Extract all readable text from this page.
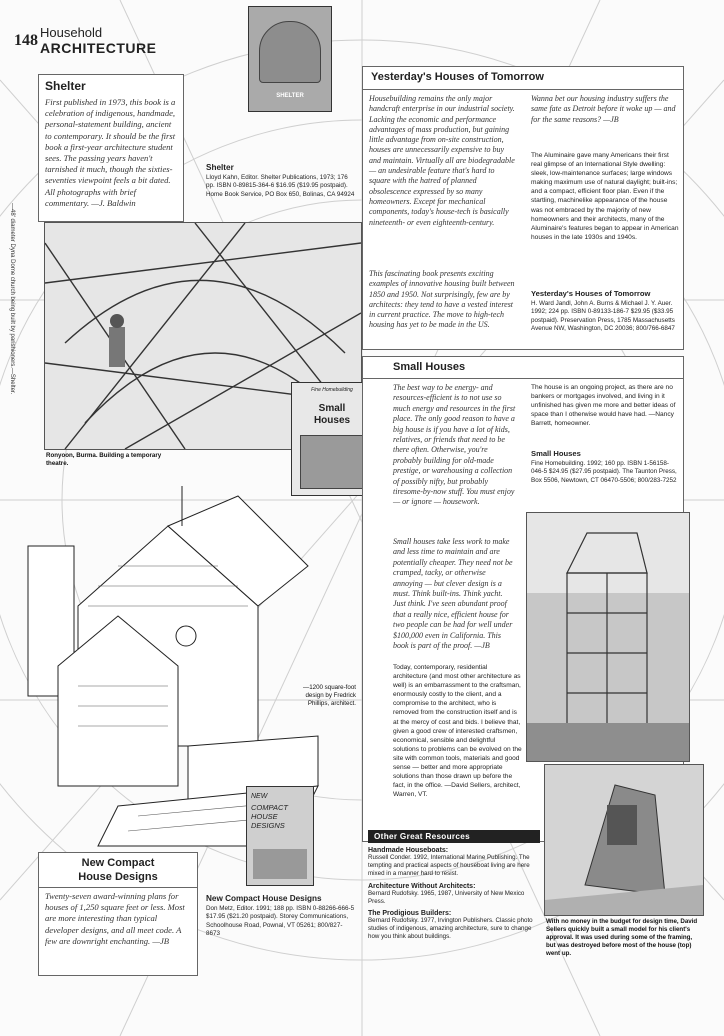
148 Household
ARCHITECTURE
—48' diameter Dyna Dome church being built by parishioners.—Shelter.
Shelter
First published in 1973, this book is a celebration of indigenous, handmade, personal-statement building, ancient to contemporary. It should be the first book a first-year architecture student sees. The passing years haven't tarnished it much, though the sixties-seventies viewpoint feels a bit dated. All photographs with brief commentary. —J. Baldwin
SHELTER
Shelter
Lloyd Kahn, Editor. Shelter Publications, 1973; 176 pp. ISBN 0-89815-364-6 $16.95 ($19.95 postpaid). Home Book Service, PO Box 650, Bolinas, CA 94924
Yesterday's Houses of Tomorrow
Housebuilding remains the only major handcraft enterprise in our industrial society. Lacking the economic and performance advantages of mass production, but gaining little advantage from on-site construction, houses are unnecessarily expensive to buy and maintain. Virtually all are biodegradable — an undesirable feature that's hard to square with the hatred of planned obsolescence expressed by so many homeowners. Except for mechanical components, today's house-tech is basically nineteenth- or even eighteenth-century.
This fascinating book presents exciting examples of innovative housing built between 1850 and 1950. Not surprisingly, few are by architects: they tend to have a vested interest in current practice. The move to high-tech housing has yet to be made in the US.
Wanna bet our housing industry suffers the same fate as Detroit before it woke up — and for the same reasons? —JB
The Aluminaire gave many Americans their first real glimpse of an International Style dwelling: sleek, low-maintenance surfaces; large windows making maximum use of natural daylight; built-ins; and a compact, efficient floor plan. Even if the startling, machinelike appearance of the house was not embraced by the majority of new homeowners and their architects, many of the Aluminaire's features began to appear in American houses in the late 1930s and 1940s.
Yesterday's Houses of Tomorrow
H. Ward Jandl, John A. Burns & Michael J. Y. Auer. 1992; 224 pp. ISBN 0-89133-186-7 $29.95 ($33.95 postpaid). Preservation Press, 1785 Massachusetts Avenue NW, Washington, DC 20036; 800/766-6847
Ronyoon, Burma. Building a temporary theatre.
Fine Homebuilding
Small
Houses
Small Houses
The best way to be energy- and resources-efficient is to not use so much energy and resources in the first place. The only good reason to have a big house is if you have a lot of kids, relatives, or friends that need to be there often. Otherwise, you're probably building for old-made prestige, or warehousing a collection of possibly nifty, but probably tiresome-by-now stuff. You must enjoy — or ignore — housework.
Small houses take less work to make and less time to maintain and are potentially cheaper. They need not be cramped, tacky, or otherwise annoying — but clever design is a must. Think built-ins. Think yacht. Just think. I've seen abundant proof that a really nice, efficient house for two people can be had for well under $100,000 even in California. This book is part of the proof. —JB
The house is an ongoing project, as there are no bankers or mortgages involved, and living in it unfinished has given me more and better ideas of space than I otherwise would have had. —Nancy Barrett, homeowner.
Small Houses
Fine Homebuilding. 1992; 160 pp. ISBN 1-56158-046-5 $24.95 ($27.95 postpaid). The Taunton Press, Box 5506, Newtown, CT 06470-5506; 800/283-7252
Today, contemporary, residential architecture (and most other architecture as well) is an embarrassment to the craftsman, enormously costly to the client, and a compromise to the architect, who is removed from the construction itself and is at the mercy of cost and bids. I believe that, given a good crew of interested craftsmen, economical, sensible and delightful solutions to problems can be evolved on the site with common tools, materials and good sense — better and more appropriate solutions than those drawn up before the fact, in the office. —David Sellers, architect, Warren, VT.
—1200 square-foot design by Fredrick Phillips, architect.
With no money in the budget for design time, David Sellers quickly built a small model for his client's approval. It was used during some of the framing, but was destroyed before most of the house (top) went up.
Other Great Resources
Handmade Houseboats:
Russell Conder. 1992, International Marine Publishing. The tempting and practical aspects of houseboat living are here mixed in a manner hard to resist.
Architecture Without Architects:
Bernard Rudofsky. 1965, 1987, University of New Mexico Press.
The Prodigious Builders:
Bernard Rudofsky. 1977, Irvington Publishers. Classic photo studies of indigenous, amazing architecture, sure to change how you think about buildings.
NEW
COMPACT HOUSE DESIGNS
New Compact
House Designs
Twenty-seven award-winning plans for houses of 1,250 square feet or less. Most are more interesting than typical developer designs, and all meet code. A few are downright enchanting. —JB
New Compact House Designs
Don Metz, Editor. 1991; 188 pp. ISBN 0-88266-666-5 $17.95 ($21.20 postpaid). Storey Communications, Schoolhouse Road, Pownal, VT 05261; 800/827-8673
